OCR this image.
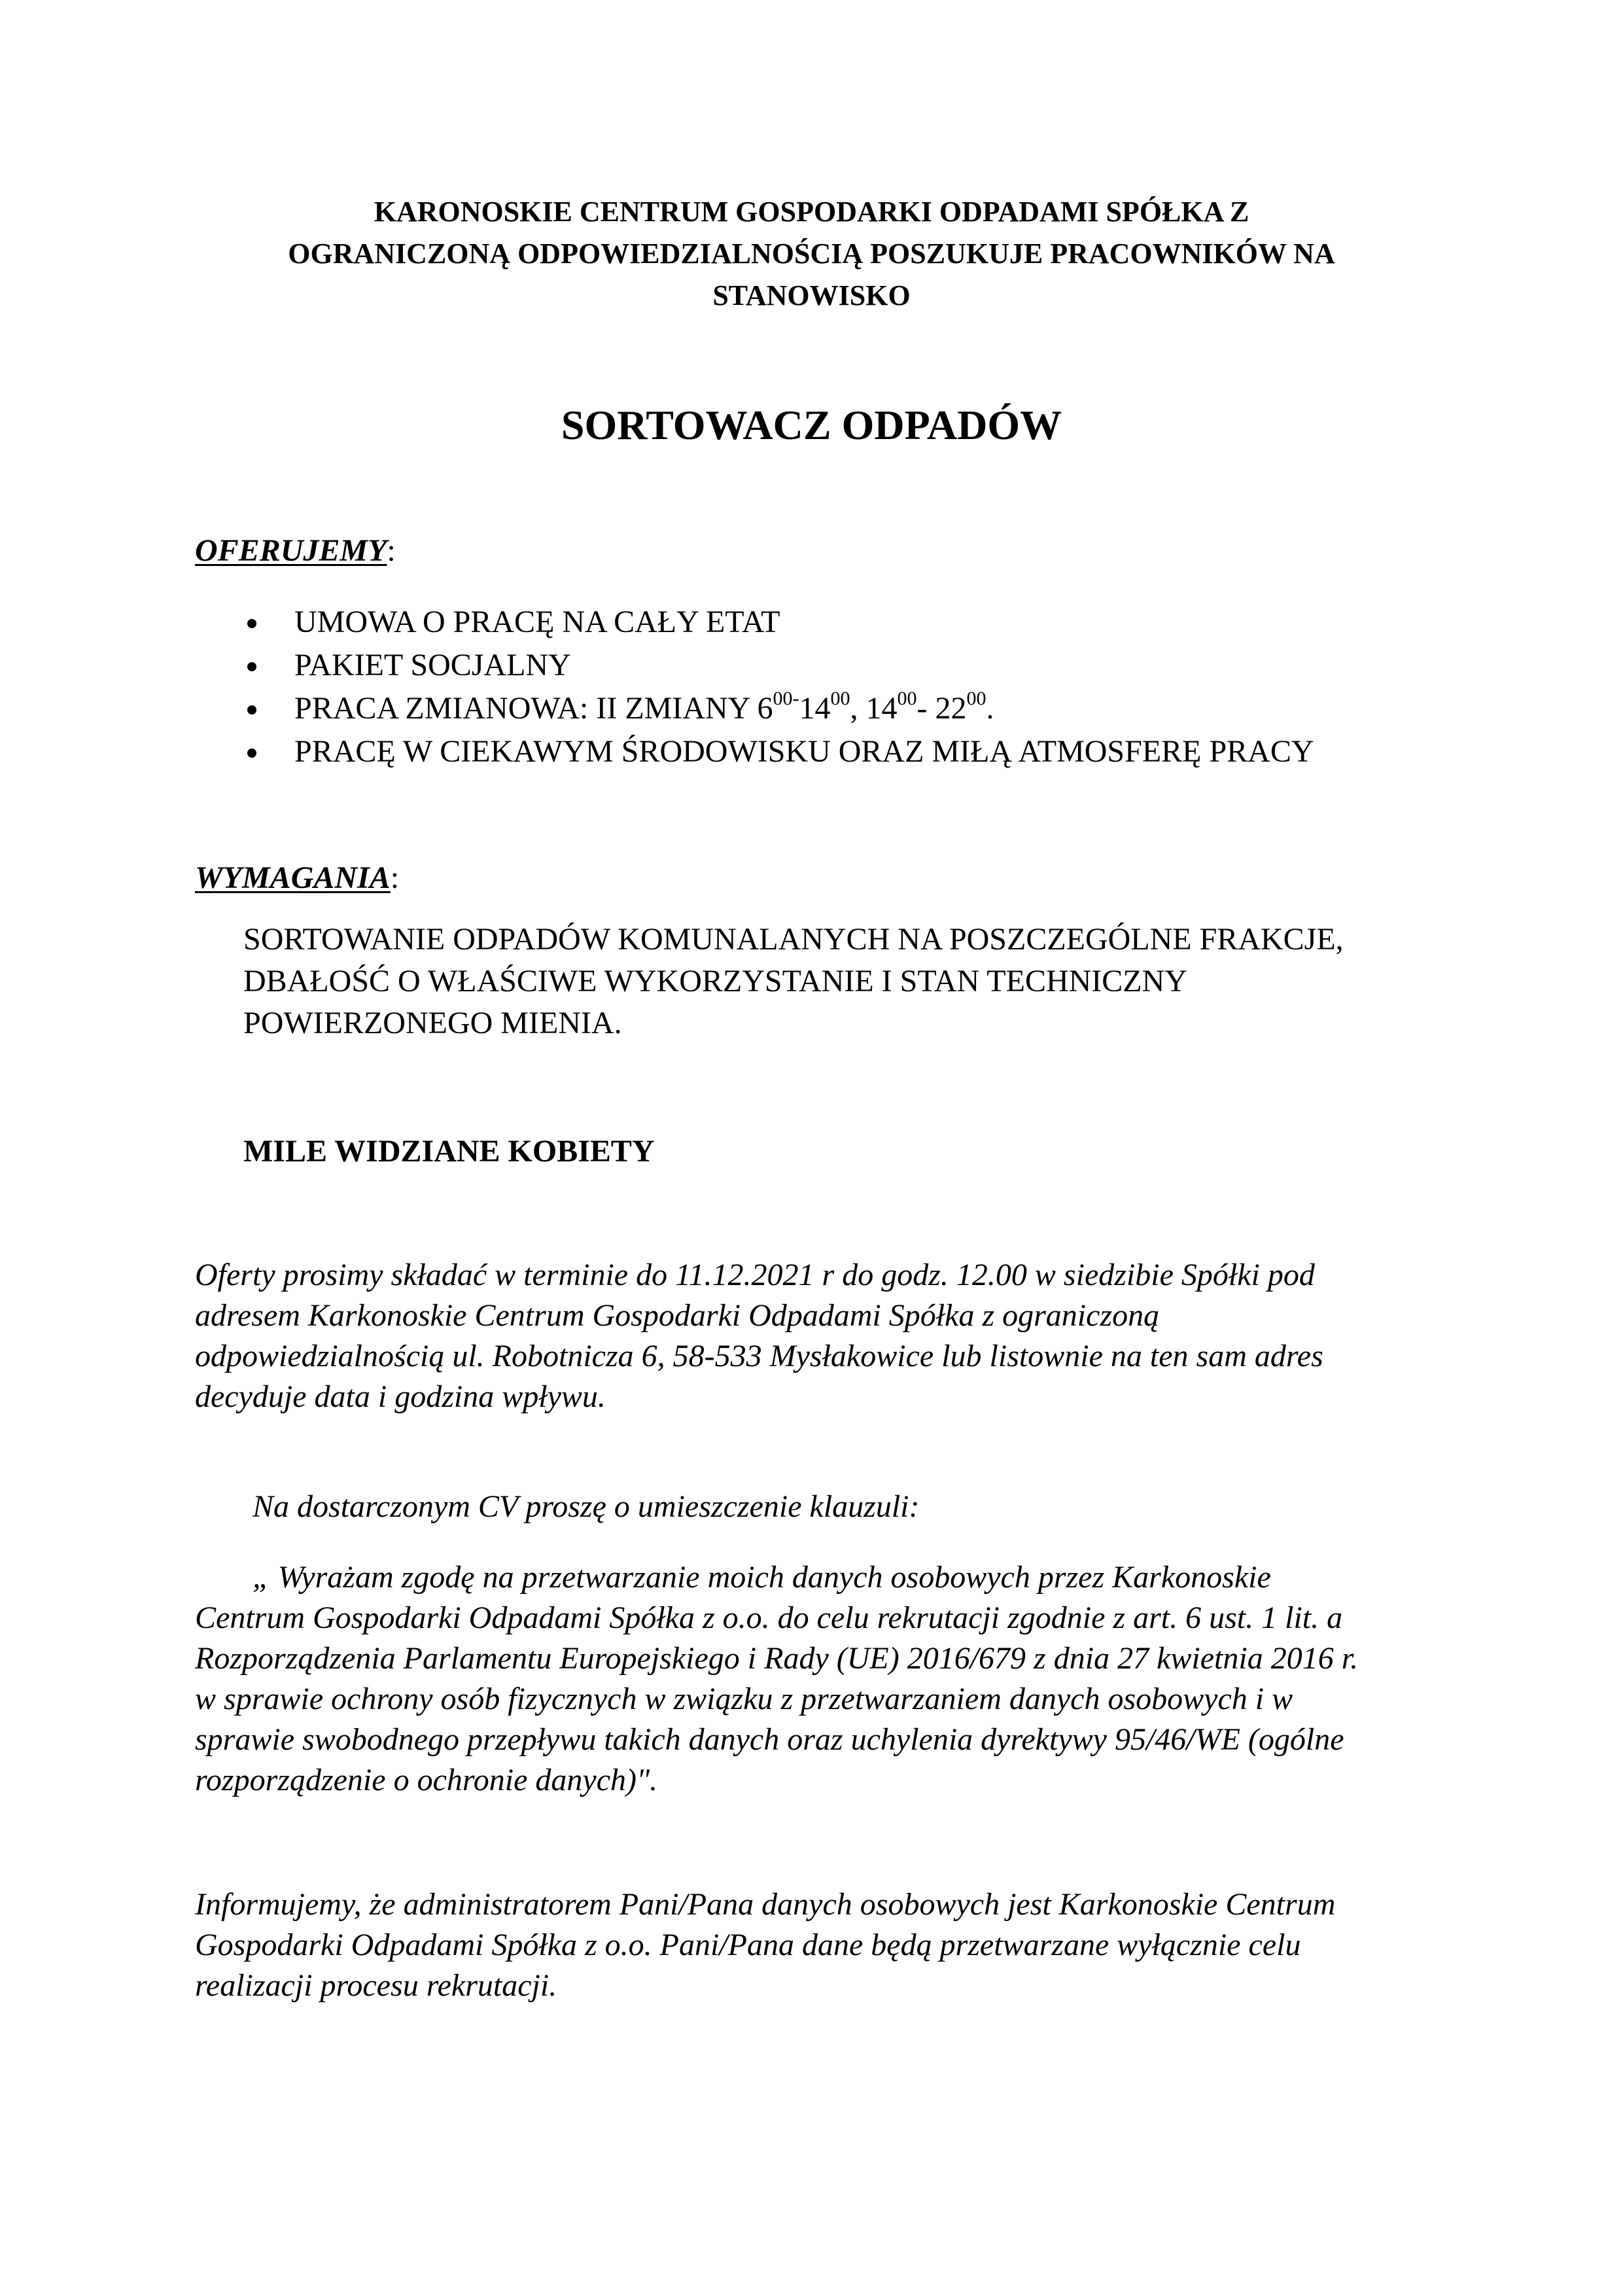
KARONOSKIE CENTRUM GOSPODARKI ODPADAMI SPÓŁKA Z
OGRANICZONĄ ODPOWIEDZIALNOŚCIĄ POSZUKUJE PRACOWNIKÓW NA
STANOWISKO
SORTOWACZ ODPADÓW
OFERUJEMY:
UMOWA O PRACĘ NA CAŁY ETAT
PAKIET SOCJALNY
PRACA ZMIANOWA: II ZMIANY $6^{00-}14^{00}$, $14^{00}-$ $22^{00}$.
PRACĘ W CIEKAWYM ŚRODOWISKU ORAZ MIŁĄ ATMOSFERĘ PRACY
WYMAGANIA:
SORTOWANIE ODPADÓW KOMUNALANYCH NA POSZCZEGÓLNE FRAKCJE,
DBAŁOŚĆ O WŁAŚCIWE WYKORZYSTANIE I STAN TECHNICZNY
POWIERZONEGO MIENIA.
MILE WIDZIANE KOBIETY
Oferty prosimy składać w terminie do 11.12.2021 r do godz. 12.00 w siedzibie Spółki pod
adresem Karkonoskie Centrum Gospodarki Odpadami Spółka z ograniczoną
odpowiedzialnością ul. Robotnicza 6, 58-533 Mysłakowice lub listownie na ten sam adres
decyduje data i godzina wpływu.
Na dostarczonym CV proszę o umieszczenie klauzuli:
„ Wyrażam zgodę na przetwarzanie moich danych osobowych przez Karkonoskie
Centrum Gospodarki Odpadami Spółka z o.o. do celu rekrutacji zgodnie z art. 6 ust. 1 lit. a
Rozporządzenia Parlamentu Europejskiego i Rady (UE) 2016/679 z dnia 27 kwietnia 2016 r.
w sprawie ochrony osób fizycznych w związku z przetwarzaniem danych osobowych i w
sprawie swobodnego przepływu takich danych oraz uchylenia dyrektywy 95/46/WE (ogólne
rozporządzenie o ochronie danych)".
Informujemy, że administratorem Pani/Pana danych osobowych jest Karkonoskie Centrum
Gospodarki Odpadami Spółka z o.o. Pani/Pana dane będą przetwarzane wyłącznie celu
realizacji procesu rekrutacji.
